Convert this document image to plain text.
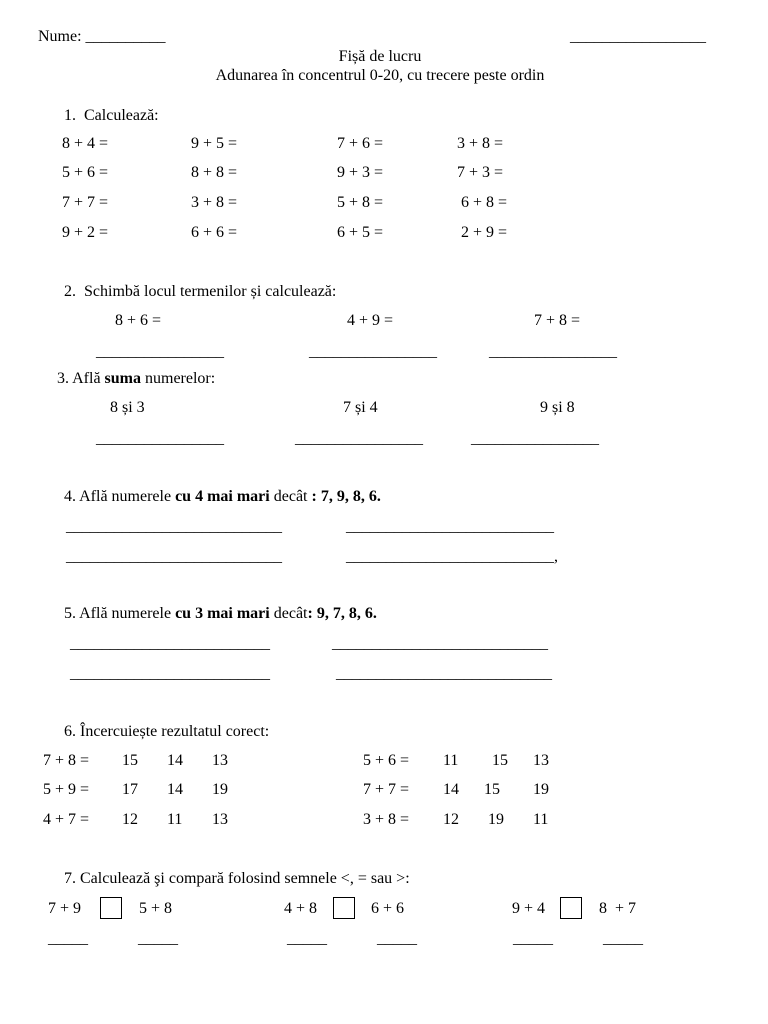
Nume: __________	_________________
Fișă de lucru
Adunarea în concentrul 0-20, cu trecere peste ordin
1.  Calculează:
8 + 4 =	9 + 5 =	7 + 6 =	3 + 8 =
5 + 6 =	8 + 8 =	9 + 3 =	7 + 3 =
7 + 7 =	3 + 8 =	5 + 8 =	6 + 8 =
9 + 2 =	6 + 6 =	6 + 5 =	2 + 9 =
2.  Schimbă locul termenilor și calculează:
8 + 6 =	4 + 9 =	7 + 8 =
________________	________________	________________
3. Află suma numerelor:
8 și 3	7 și 4	9 și 8
________________	________________	________________
4. Află numerele cu 4 mai mari decât : 7, 9, 8, 6.
___________________________	__________________________
___________________________	__________________________,
5. Află numerele cu 3 mai mari decât: 9, 7, 8, 6.
_________________________	___________________________
_________________________	___________________________
6. Încercuiește rezultatul corect:
7 + 8 = 15 14 13
5 + 9 = 17 14 19
4 + 7 = 12 11 13
5 + 6 = 11 15 13
7 + 7 = 14 15 19
3 + 8 = 12 19 11
7. Calculează şi compară folosind semnele <, = sau >:
7 + 9	5 + 8	4 + 8	6 + 6	9 + 4	8  + 7
_____	_____	_____	_____	_____	_____
